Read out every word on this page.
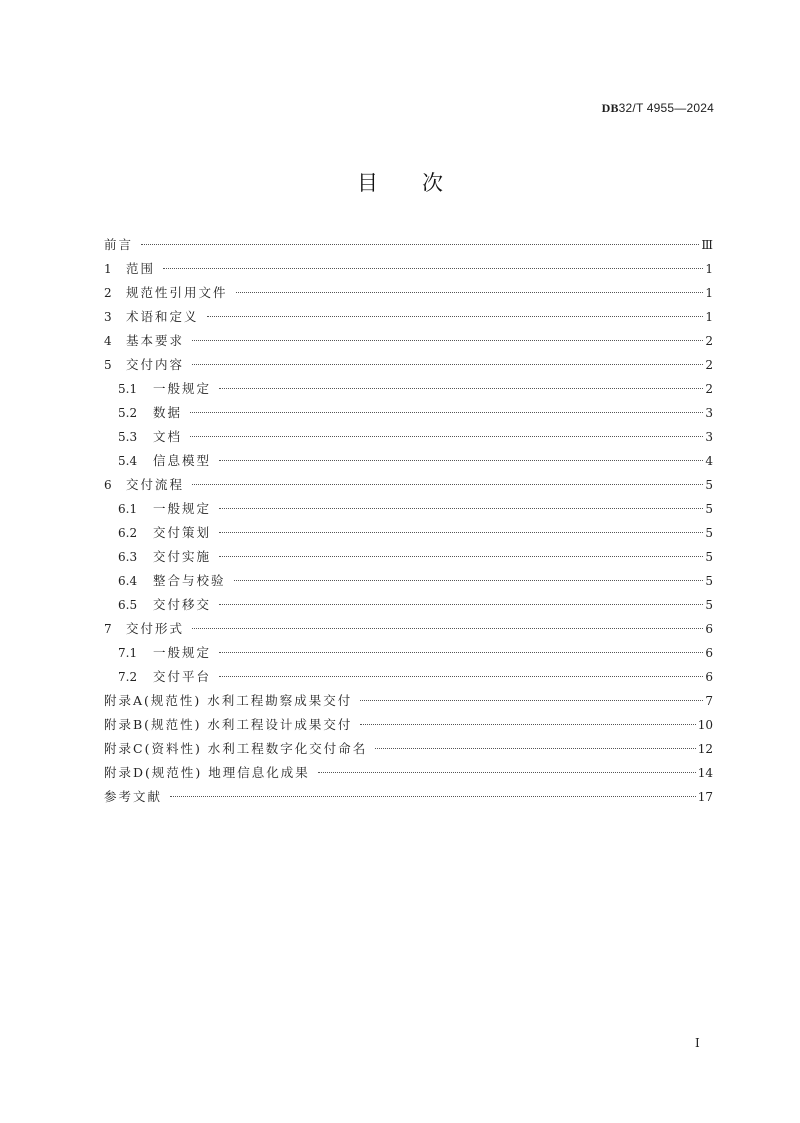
DB32/T 4955—2024
目 次
前言	Ⅲ
1	范围	1
2	规范性引用文件	1
3	术语和定义	1
4	基本要求	2
5	交付内容	2
5.1	一般规定	2
5.2	数据	3
5.3	文档	3
5.4	信息模型	4
6	交付流程	5
6.1	一般规定	5
6.2	交付策划	5
6.3	交付实施	5
6.4	整合与校验	5
6.5	交付移交	5
7	交付形式	6
7.1	一般规定	6
7.2	交付平台	6
附录A(规范性) 水利工程勘察成果交付	7
附录B(规范性) 水利工程设计成果交付	10
附录C(资料性) 水利工程数字化交付命名	12
附录D(规范性) 地理信息化成果	14
参考文献	17
I
